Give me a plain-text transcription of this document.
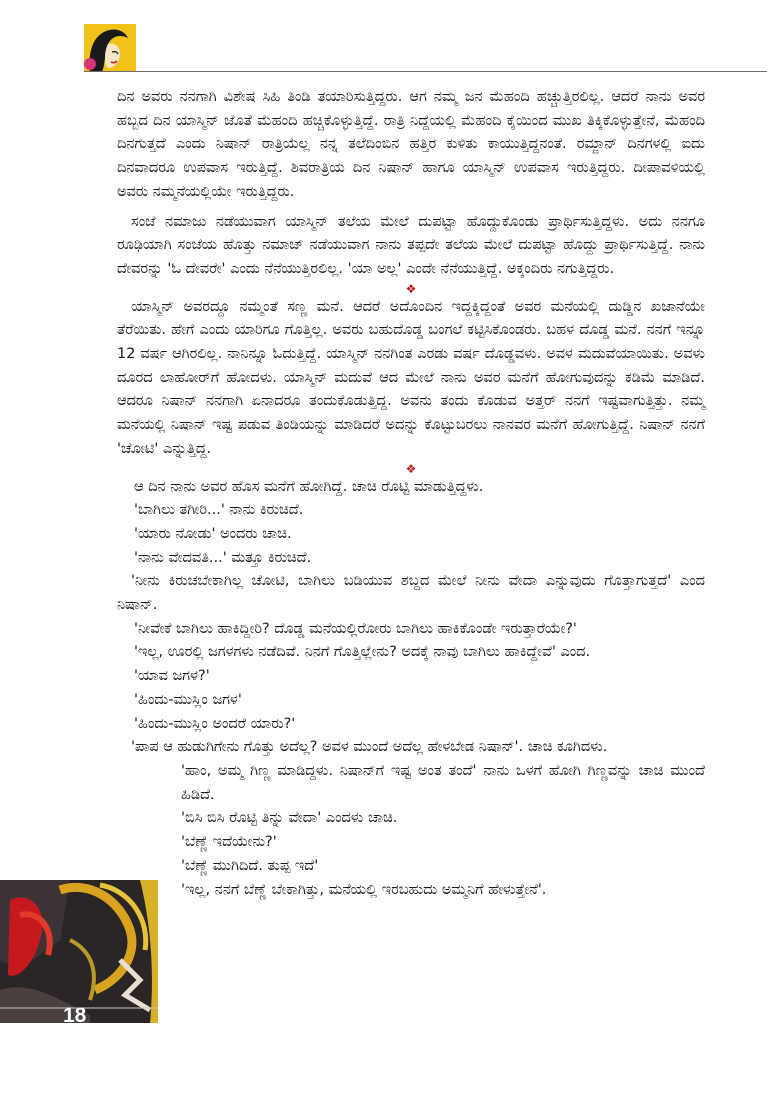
ದಿನ ಅವರು ನನಗಾಗಿ ವಿಶೇಷ ಸಿಹಿ ತಿಂಡಿ ತಯಾರಿಸುತ್ತಿದ್ದರು. ಆಗ ನಮ್ಮ ಜನ ಮೆಹಂದಿ ಹಚ್ಚುತ್ತಿರಲಿಲ್ಲ. ಆದರೆ ನಾನು ಅವರ ಹಬ್ಬದ ದಿನ ಯಾಸ್ಮಿನ್ ಜೊತೆ ಮೆಹಂದಿ ಹಚ್ಚಿಕೊಳ್ಳುತ್ತಿದ್ದೆ. ರಾತ್ರಿ ನಿದ್ದೆಯಲ್ಲಿ ಮೆಹಂದಿ ಕೈಯಿಂದ ಮುಖ ತಿಕ್ಕಿಕೊಳ್ಳುತ್ತೇನೆ, ಮೆಹಂದಿ ದಿನಗುತ್ತದೆ ಎಂದು ನಿಷಾನ್ ರಾತ್ರಿಯೆಲ್ಲ ನನ್ನ ತಲೆದಿಂಬಿನ ಹತ್ತಿರ ಕುಳಿತು ಕಾಯುತ್ತಿದ್ದನಂತೆ. ರಮ್ಜಾನ್ ದಿನಗಳಲ್ಲಿ ಐದು ದಿನವಾದರೂ ಉಪವಾಸ ಇರುತ್ತಿದ್ದೆ. ಶಿವರಾತ್ರಿಯ ದಿನ ನಿಷಾನ್ ಹಾಗೂ ಯಾಸ್ಮಿನ್ ಉಪವಾಸ ಇರುತ್ತಿದ್ದರು. ದೀಪಾವಳಿಯಲ್ಲಿ ಅವರು ನಮ್ಮನೆಯಲ್ಲಿಯೇ ಇರುತ್ತಿದ್ದರು.

ಸಂಜೆ ನಮಾಜು ನಡೆಯುವಾಗ ಯಾಸ್ಮಿನ್ ತಲೆಯ ಮೇಲೆ ದುಪಟ್ಟಾ ಹೊದ್ದುಕೊಂಡು ಪ್ರಾರ್ಥಿಸುತ್ತಿದ್ದಳು. ಅದು ನನಗೂ ರೂಢಿಯಾಗಿ ಸಂಜೆಯ ಹೊತ್ತು ನಮಾಜ್ ನಡೆಯುವಾಗ ನಾನು ತಪ್ಪದೇ ತಲೆಯ ಮೇಲೆ ದುಪಟ್ಟಾ ಹೊದ್ದು ಪ್ರಾರ್ಥಿಸುತ್ತಿದ್ದೆ. ನಾನು ದೇವರನ್ನು 'ಓ ದೇವರೇ' ಎಂದು ನೆನೆಯುತ್ತಿರಲಿಲ್ಲ. 'ಯಾ ಅಲ್ಲ' ಎಂದೇ ನೆನೆಯುತ್ತಿದ್ದೆ. ಅಕ್ಕಂದಿರು ನಗುತ್ತಿದ್ದರು.

❖

ಯಾಸ್ಮಿನ್ ಅವರದ್ದೂ ನಮ್ಮಂತೆ ಸಣ್ಣ ಮನೆ. ಆದರೆ ಅದೊಂದಿನ ಇದ್ದಕ್ಕಿದ್ದಂತೆ ಅವರ ಮನೆಯಲ್ಲಿ ದುಡ್ಡಿನ ಖಜಾನೆಯೇ ತೆರೆಯಿತು. ಹೇಗೆ ಎಂದು ಯಾರಿಗೂ ಗೊತ್ತಿಲ್ಲ. ಅವರು ಬಹುದೊಡ್ಡ ಬಂಗಲೆ ಕಟ್ಟಿಸಿಕೊಂಡರು. ಬಹಳ ದೊಡ್ಡ ಮನೆ. ನನಗೆ ಇನ್ನೂ 12 ವರ್ಷ ಆಗಿರಲಿಲ್ಲ. ನಾನಿನ್ನೂ ಓದುತ್ತಿದ್ದೆ. ಯಾಸ್ಮಿನ್ ನನಗಿಂತ ಎರಡು ವರ್ಷ ದೊಡ್ಡವಳು. ಅವಳ ಮದುವೆಯಾಯಿತು. ಅವಳು ದೂರದ ಲಾಹೋರ್‌ಗೆ ಹೋದಳು. ಯಾಸ್ಮಿನ್ ಮದುವೆ ಆದ ಮೇಲೆ ನಾನು ಅವರ ಮನೆಗೆ ಹೋಗುವುದನ್ನು ಕಡಿಮೆ ಮಾಡಿದೆ. ಆದರೂ ನಿಷಾನ್ ನನಗಾಗಿ ಏನಾದರೂ ತಂದುಕೊಡುತ್ತಿದ್ದ. ಅವನು ತಂದು ಕೊಡುವ ಅತ್ತರ್ ನನಗೆ ಇಷ್ಟವಾಗುತ್ತಿತ್ತು. ನಮ್ಮ ಮನೆಯಲ್ಲಿ ನಿಷಾನ್ ಇಷ್ಟ ಪಡುವ ತಿಂಡಿಯನ್ನು ಮಾಡಿದರೆ ಅದನ್ನು ಕೊಟ್ಟುಬರಲು ನಾನವರ ಮನೆಗೆ ಹೋಗುತ್ತಿದ್ದೆ. ನಿಷಾನ್ ನನಗೆ 'ಚೋಟಿ' ಎನ್ನುತ್ತಿದ್ದ.

❖

ಆ ದಿನ ನಾನು ಅವರ ಹೊಸ ಮನೆಗೆ ಹೋಗಿದ್ದೆ. ಚಾಚಿ ರೊಟ್ಟಿ ಮಾಡುತ್ತಿದ್ದಳು.

'ಬಾಗಿಲು ತಗೀರಿ...' ನಾನು ಕಿರುಚಿದೆ.

'ಯಾರು ನೋಡು' ಅಂದರು ಚಾಚಿ.

'ನಾನು ವೇದವತಿ...' ಮತ್ತೂ ಕಿರುಚಿದೆ.

'ನೀನು ಕಿರುಚಬೇಕಾಗಿಲ್ಲ ಚೋಟಿ, ಬಾಗಿಲು ಬಡಿಯುವ ಶಬ್ದದ ಮೇಲೆ ನೀನು ವೇದಾ ಎನ್ನುವುದು ಗೊತ್ತಾಗುತ್ತದೆ' ಎಂದ ನಿಷಾನ್.

'ನೀವೇಕೆ ಬಾಗಿಲು ಹಾಕಿದ್ದೀರಿ? ದೊಡ್ಡ ಮನೆಯಲ್ಲಿರೋರು ಬಾಗಿಲು ಹಾಕಿಕೊಂಡೇ ಇರುತ್ತಾರೆಯೇ?'

'ಇಲ್ಲ, ಊರಲ್ಲಿ ಜಗಳಗಳು ನಡೆದಿವೆ. ನಿನಗೆ ಗೊತ್ತಿಲ್ಲೇನು? ಅದಕ್ಕೆ ನಾವು ಬಾಗಿಲು ಹಾಕಿದ್ದೇವೆ' ಎಂದ.

'ಯಾವ ಜಗಳ?'

'ಹಿಂದು-ಮುಸ್ಲಿಂ ಜಗಳ'

'ಹಿಂದು-ಮುಸ್ಲಿಂ ಅಂದರೆ ಯಾರು?'

'ಪಾಪ ಆ ಹುಡುಗಿಗೇನು ಗೊತ್ತು ಅದೆಲ್ಲ? ಅವಳ ಮುಂದೆ ಅದೆಲ್ಲ ಹೇಳಬೇಡ ನಿಷಾನ್'. ಚಾಚಿ ಕೂಗಿದಳು.

'ಹಾಂ, ಅಮ್ಮ ಗಿಣ್ಣ ಮಾಡಿದ್ದಳು. ನಿಷಾನ್‌ಗೆ ಇಷ್ಟ ಅಂತ ತಂದೆ' ನಾನು ಒಳಗೆ ಹೋಗಿ ಗಿಣ್ಣವನ್ನು ಚಾಚಿ ಮುಂದೆ ಹಿಡಿದೆ.

'ಬಿಸಿ ಬಿಸಿ ರೊಟ್ಟಿ ತಿನ್ನು ವೇದಾ' ಎಂದಳು ಚಾಚಿ.

'ಬೆಣ್ಣೆ ಇದೆಯೇನು?'

'ಬೆಣ್ಣೆ ಮುಗಿದಿದೆ. ತುಪ್ಪ ಇದೆ'

'ಇಲ್ಲ, ನನಗೆ ಬೆಣ್ಣೆ ಬೇಕಾಗಿತ್ತು, ಮನೆಯಲ್ಲಿ ಇರಬಹುದು ಅಮ್ಮನಿಗೆ ಹೇಳುತ್ತೇನೆ'.

18
